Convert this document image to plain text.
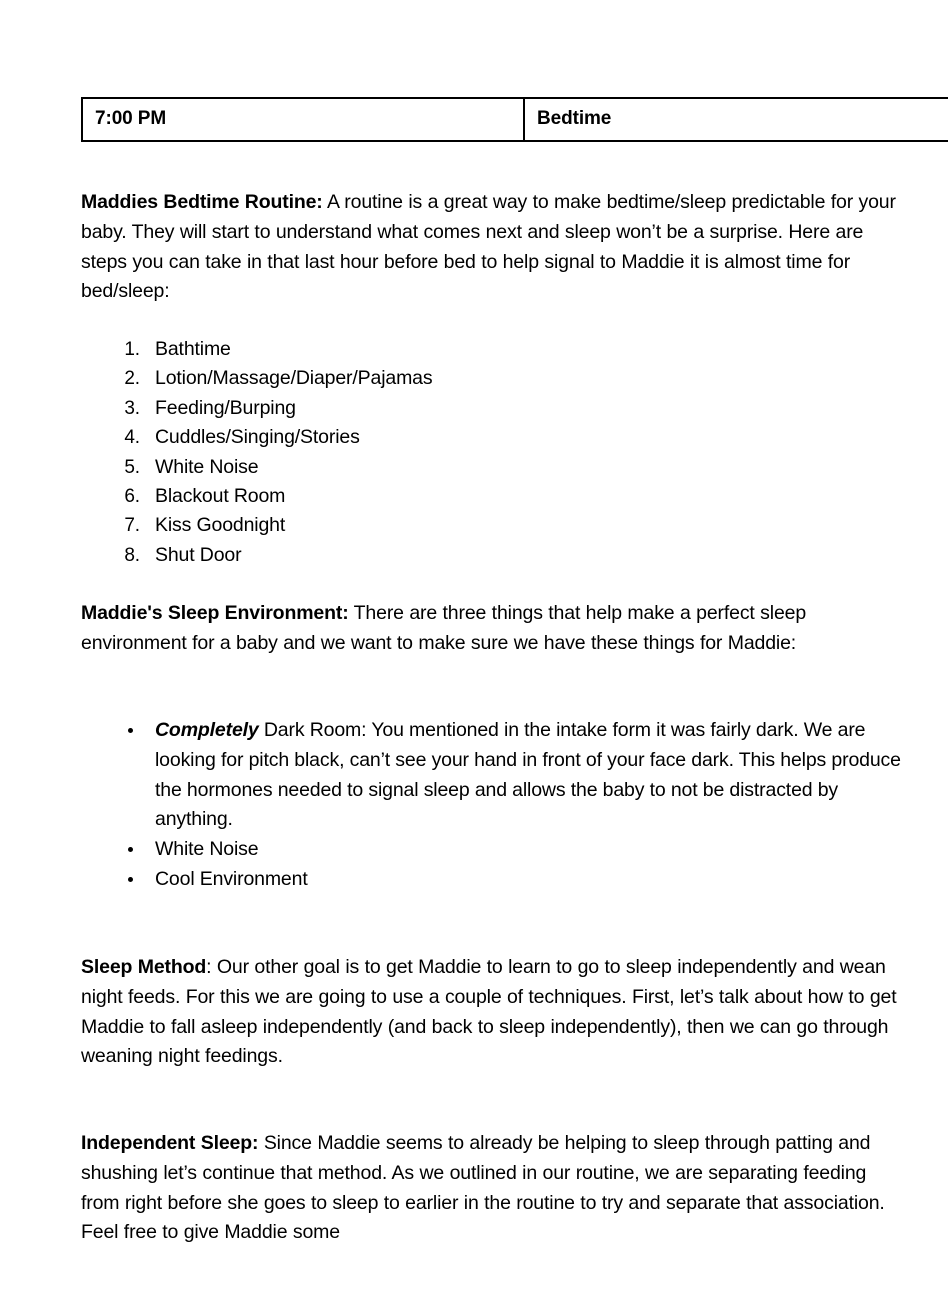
7:00 PM	Bedtime

Maddies Bedtime Routine: A routine is a great way to make bedtime/sleep predictable for your baby. They will start to understand what comes next and sleep won’t be a surprise. Here are steps you can take in that last hour before bed to help signal to Maddie it is almost time for bed/sleep:

1. Bathtime
2. Lotion/Massage/Diaper/Pajamas
3. Feeding/Burping
4. Cuddles/Singing/Stories
5. White Noise
6. Blackout Room
7. Kiss Goodnight
8. Shut Door

Maddie's Sleep Environment: There are three things that help make a perfect sleep environment for a baby and we want to make sure we have these things for Maddie:

• Completely Dark Room: You mentioned in the intake form it was fairly dark. We are looking for pitch black, can’t see your hand in front of your face dark. This helps produce the hormones needed to signal sleep and allows the baby to not be distracted by anything.
• White Noise
• Cool Environment

Sleep Method: Our other goal is to get Maddie to learn to go to sleep independently and wean night feeds. For this we are going to use a couple of techniques. First, let’s talk about how to get Maddie to fall asleep independently (and back to sleep independently), then we can go through weaning night feedings.

Independent Sleep: Since Maddie seems to already be helping to sleep through patting and shushing let’s continue that method. As we outlined in our routine, we are separating feeding from right before she goes to sleep to earlier in the routine to try and separate that association. Feel free to give Maddie some
